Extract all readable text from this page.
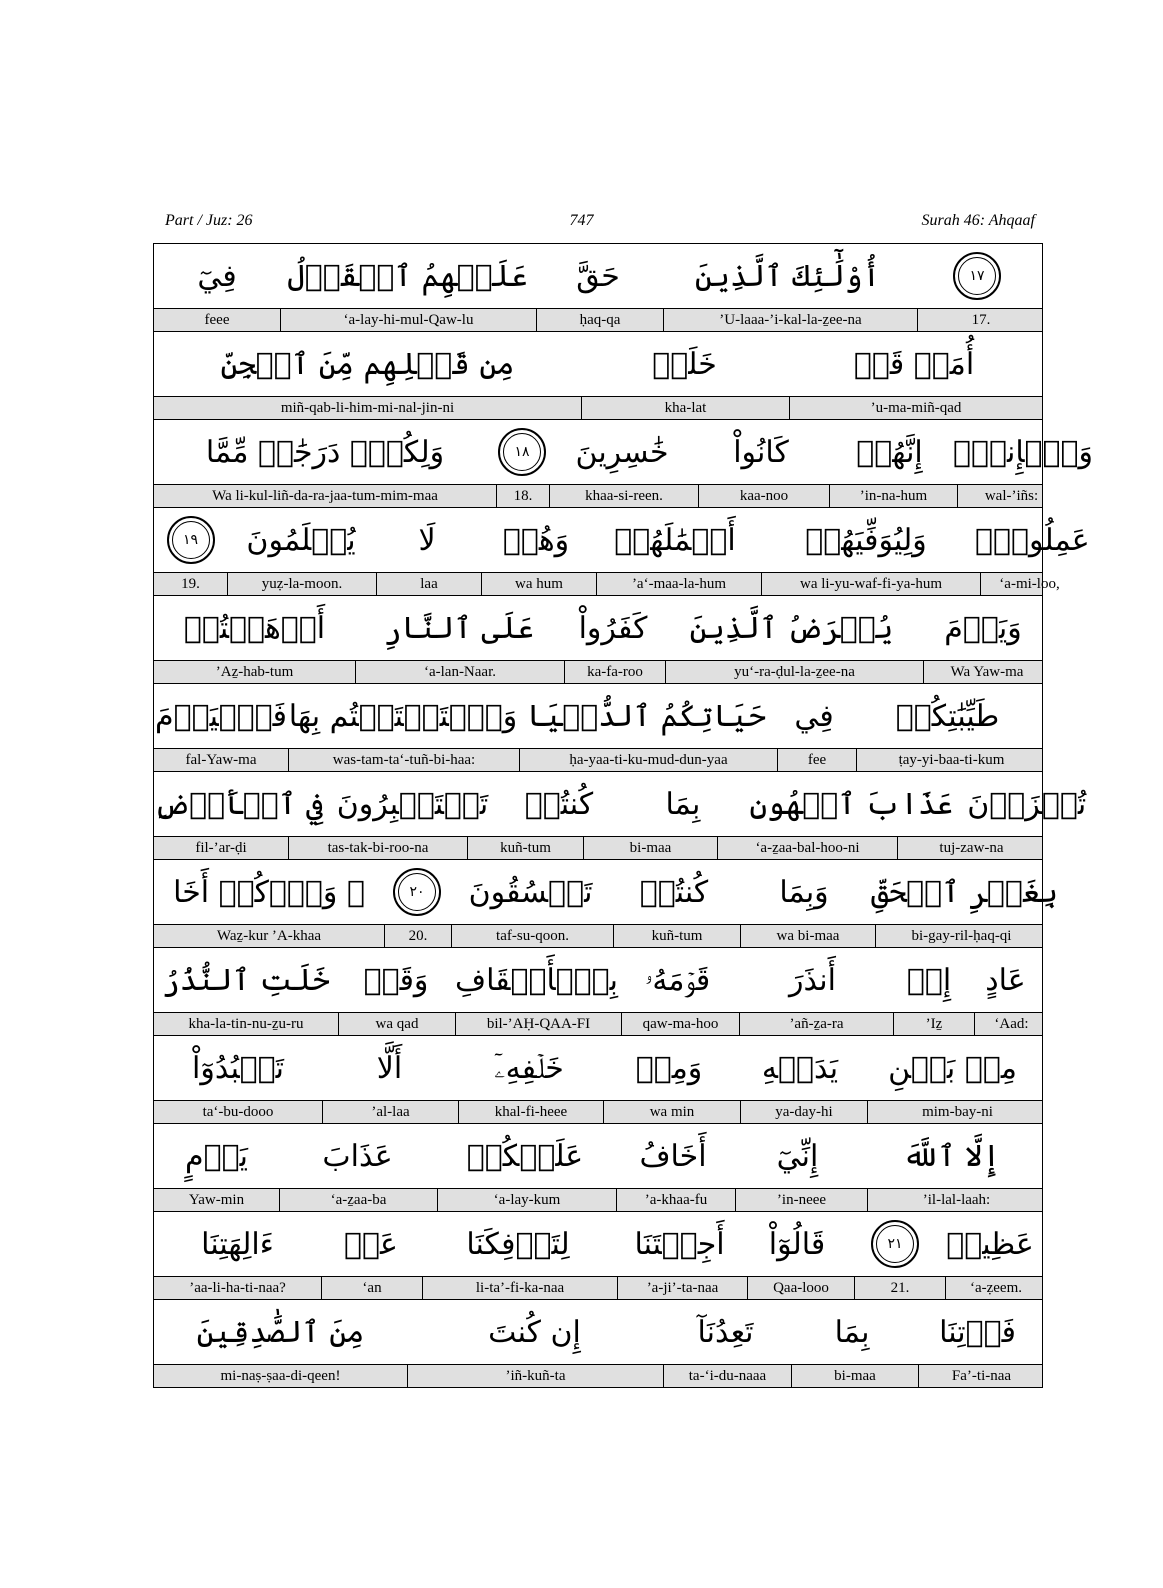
Part / Juz: 26	747	Surah 46: Ahqaaf
فِيٓ	عَلَيۡهِمُ ٱلۡقَوۡلُ	حَقَّ	أُوْلَٰٓئِكَ ٱلَّذِينَ	١٧
feee	‘a-lay-hi-mul-Qaw-lu	ḥaq-qa	’U-laaa-’i-kal-la-ẕee-na	17.
مِن قَبۡلِهِم مِّنَ ٱلۡجِنِّ	خَلَتۡ	أُمَمٖ قَدۡ
miñ-qab-li-him-mi-nal-jin-ni	kha-lat	’u-ma-miñ-qad
وَلِكُلّٖ دَرَجَٰتٞ مِّمَّا	١٨	خَٰسِرِينَ	كَانُواْ	إِنَّهُمۡ	وَٱلۡإِنسِۖ
Wa li-kul-liñ-da-ra-jaa-tum-mim-maa	18.	khaa-si-reen.	kaa-noo	’in-na-hum	wal-’iñs:
١٩	يُظۡلَمُونَ	لَا	وَهُمۡ	أَعۡمَٰلَهُمۡ	وَلِيُوَفِّيَهُمۡ	عَمِلُواْۖ
19.	yuẓ-la-moon.	laa	wa hum	’a‘-maa-la-hum	wa li-yu-waf-fi-ya-hum	‘a-mi-loo,
أَذۡهَبۡتُمۡ	عَلَى ٱلنَّارِ	كَفَرُواْ	يُعۡرَضُ ٱلَّذِينَ	وَيَوۡمَ
’Aẕ-hab-tum	‘a-lan-Naar.	ka-fa-roo	yu‘-ra-ḍul-la-ẕee-na	Wa Yaw-ma
فَٱلۡيَوۡمَ وَٱسۡتَمۡتَعۡتُم بِهَا حَيَاتِكُمُ ٱلدُّنۡيَا فِي	طَيِّبَٰتِكُمۡ
fal-Yaw-ma	was-tam-ta‘-tuñ-bi-haa:	ḥa-yaa-ti-ku-mud-dun-yaa	fee	ṭay-yi-baa-ti-kum
فِي ٱلۡأَرۡضِ تَسۡتَكۡبِرُونَ	كُنتُمۡ	بِمَا	عَذَابَ ٱلۡهُونِ تُجۡزَوۡنَ
fil-’ar-ḍi	tas-tak-bi-roo-na	kuñ-tum	bi-maa	‘a-ẕaa-bal-hoo-ni	tuj-zaw-na
۞ وَٱذۡكُرۡ أَخَا	٢٠	تَفۡسُقُونَ	كُنتُمۡ	وَبِمَا	بِغَيۡرِ ٱلۡحَقِّ
Waẕ-kur ’A-khaa	20.	taf-su-qoon.	kuñ-tum	wa bi-maa	bi-gay-ril-ḥaq-qi
خَلَتِ ٱلنُّذُرُ	وَقَدۡ بِٱلۡأَحۡقَافِ قَوۡمَهُۥ	أَنذَرَ	إِذۡ	عَادٍ
kha-la-tin-nu-ẕu-ru	wa qad	bil-’AḤ-QAA-FI	qaw-ma-hoo	’añ-ẕa-ra	’Iẕ	‘Aad:
تَعۡبُدُوٓاْ	أَلَّا	خَلۡفِهِۦٓ	وَمِنۡ	يَدَيۡهِ	مِنۢ بَيۡنِ
ta‘-bu-dooo	’al-laa	khal-fi-heee	wa min	ya-day-hi	mim-bay-ni
يَوۡمٍ	عَذَابَ	عَلَيۡكُمۡ	أَخَافُ	إِنِّيٓ	إِلَّا ٱللَّهَ
Yaw-min	‘a-ẕaa-ba	‘a-lay-kum	’a-khaa-fu	’in-neee	’il-lal-laah:
ءَالِهَتِنَا	عَنۡ	لِتَأۡفِكَنَا	أَجِئۡتَنَا	قَالُوٓاْ	٢١	عَظِيمٖ
’aa-li-ha-ti-naa?	‘an	li-ta’-fi-ka-naa	’a-ji’-ta-naa	Qaa-looo	21.	‘a-ẓeem.
مِنَ ٱلصَّٰدِقِينَ	إِن كُنتَ	تَعِدُنَآ	بِمَا	فَأۡتِنَا
mi-naṣ-ṣaa-di-qeen!	’iñ-kuñ-ta	ta-‘i-du-naaa	bi-maa	Fa’-ti-naa
